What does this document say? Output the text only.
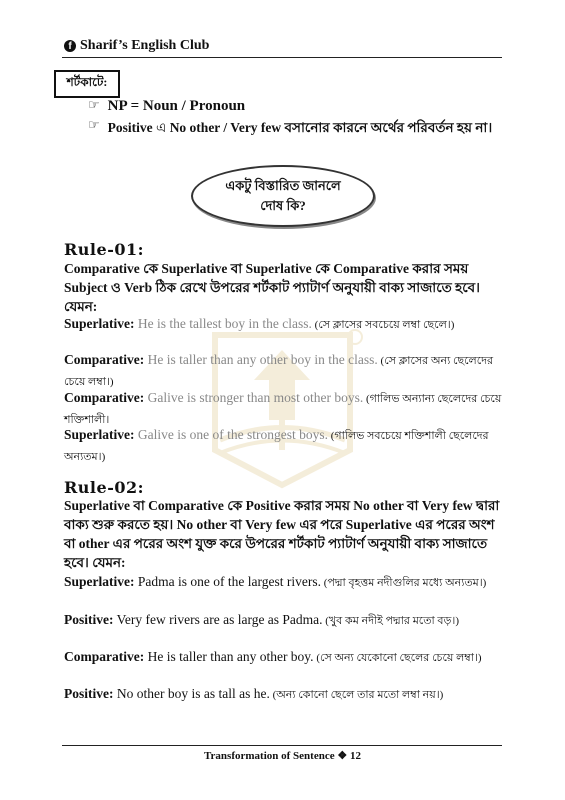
f Sharif’s English Club
শর্টকাটে:
☞ NP = Noun / Pronoun
☞ Positive এ No other / Very few বসানোর কারনে অর্থের পরিবর্তন হয় না।
একটু বিস্তারিত জানলে
দোষ কি?
Rule-01:
Comparative কে Superlative বা Superlative কে Comparative করার সময় Subject ও Verb ঠিক রেখে উপরের শর্টকাট প্যাটার্ণ অনুযায়ী বাক্য সাজাতে হবে। যেমন:
Superlative: He is the tallest boy in the class. (সে ক্লাসের সবচেয়ে লম্বা ছেলে।)
Comparative: He is taller than any other boy in the class. (সে ক্লাসের অন্য ছেলেদের চেয়ে লম্বা।)
Comparative: Galive is stronger than most other boys. (গালিভ অন্যান্য ছেলেদের চেয়ে শক্তিশালী।
Superlative: Galive is one of the strongest boys. (গালিভ সবচেয়ে শক্তিশালী ছেলেদের অন্যতম।)
Rule-02:
Superlative বা Comparative কে Positive করার সময় No other বা Very few দ্বারা বাক্য শুরু করতে হয়। No other বা Very few এর পরে Superlative এর পরের অংশ বা other এর পরের অংশ যুক্ত করে উপরের শর্টকাট প্যাটার্ণ অনুযায়ী বাক্য সাজাতে হবে। যেমন:
Superlative: Padma is one of the largest rivers. (পদ্মা বৃহত্তম নদীগুলির মধ্যে অন্যতম।)
Positive: Very few rivers are as large as Padma. (খুব কম নদীই পদ্মার মতো বড়।)
Comparative: He is taller than any other boy. (সে অন্য যেকোনো ছেলের চেয়ে লম্বা।)
Positive: No other boy is as tall as he. (অন্য কোনো ছেলে তার মতো লম্বা নয়।)
Transformation of Sentence ❖ 12
